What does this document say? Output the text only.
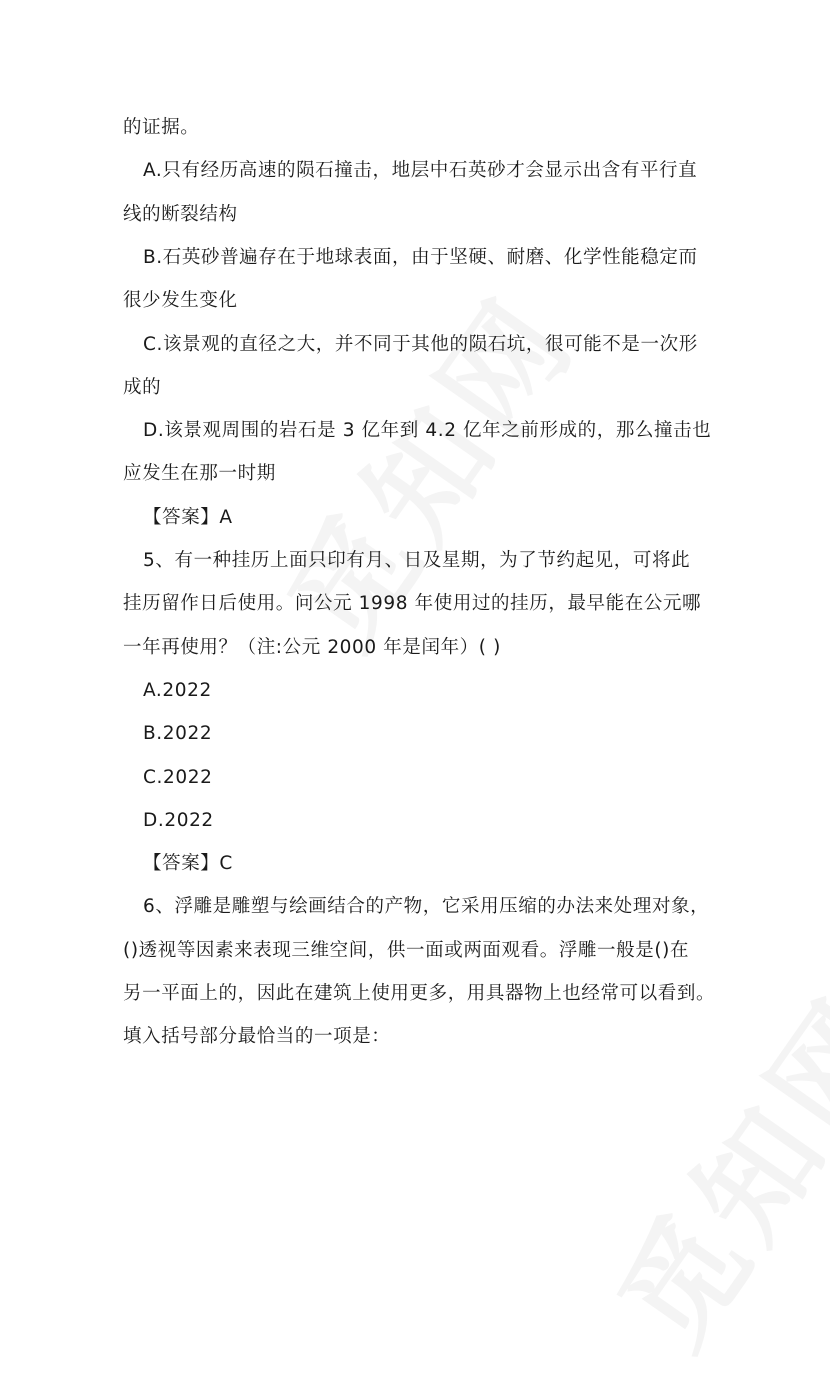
的证据。
A.只有经历高速的陨石撞击，地层中石英砂才会显示出含有平行直
线的断裂结构
B.石英砂普遍存在于地球表面，由于坚硬、耐磨、化学性能稳定而
很少发生变化
C.该景观的直径之大，并不同于其他的陨石坑，很可能不是一次形
成的
D.该景观周围的岩石是 3 亿年到 4.2 亿年之前形成的，那么撞击也
应发生在那一时期
【答案】A
5、有一种挂历上面只印有月、日及星期，为了节约起见，可将此
挂历留作日后使用。问公元 1998 年使用过的挂历，最早能在公元哪
一年再使用？（注:公元 2000 年是闰年）( )
A.2022
B.2022
C.2022
D.2022
【答案】C
6、浮雕是雕塑与绘画结合的产物，它采用压缩的办法来处理对象，
()透视等因素来表现三维空间，供一面或两面观看。浮雕一般是()在
另一平面上的，因此在建筑上使用更多，用具器物上也经常可以看到。
填入括号部分最恰当的一项是：
